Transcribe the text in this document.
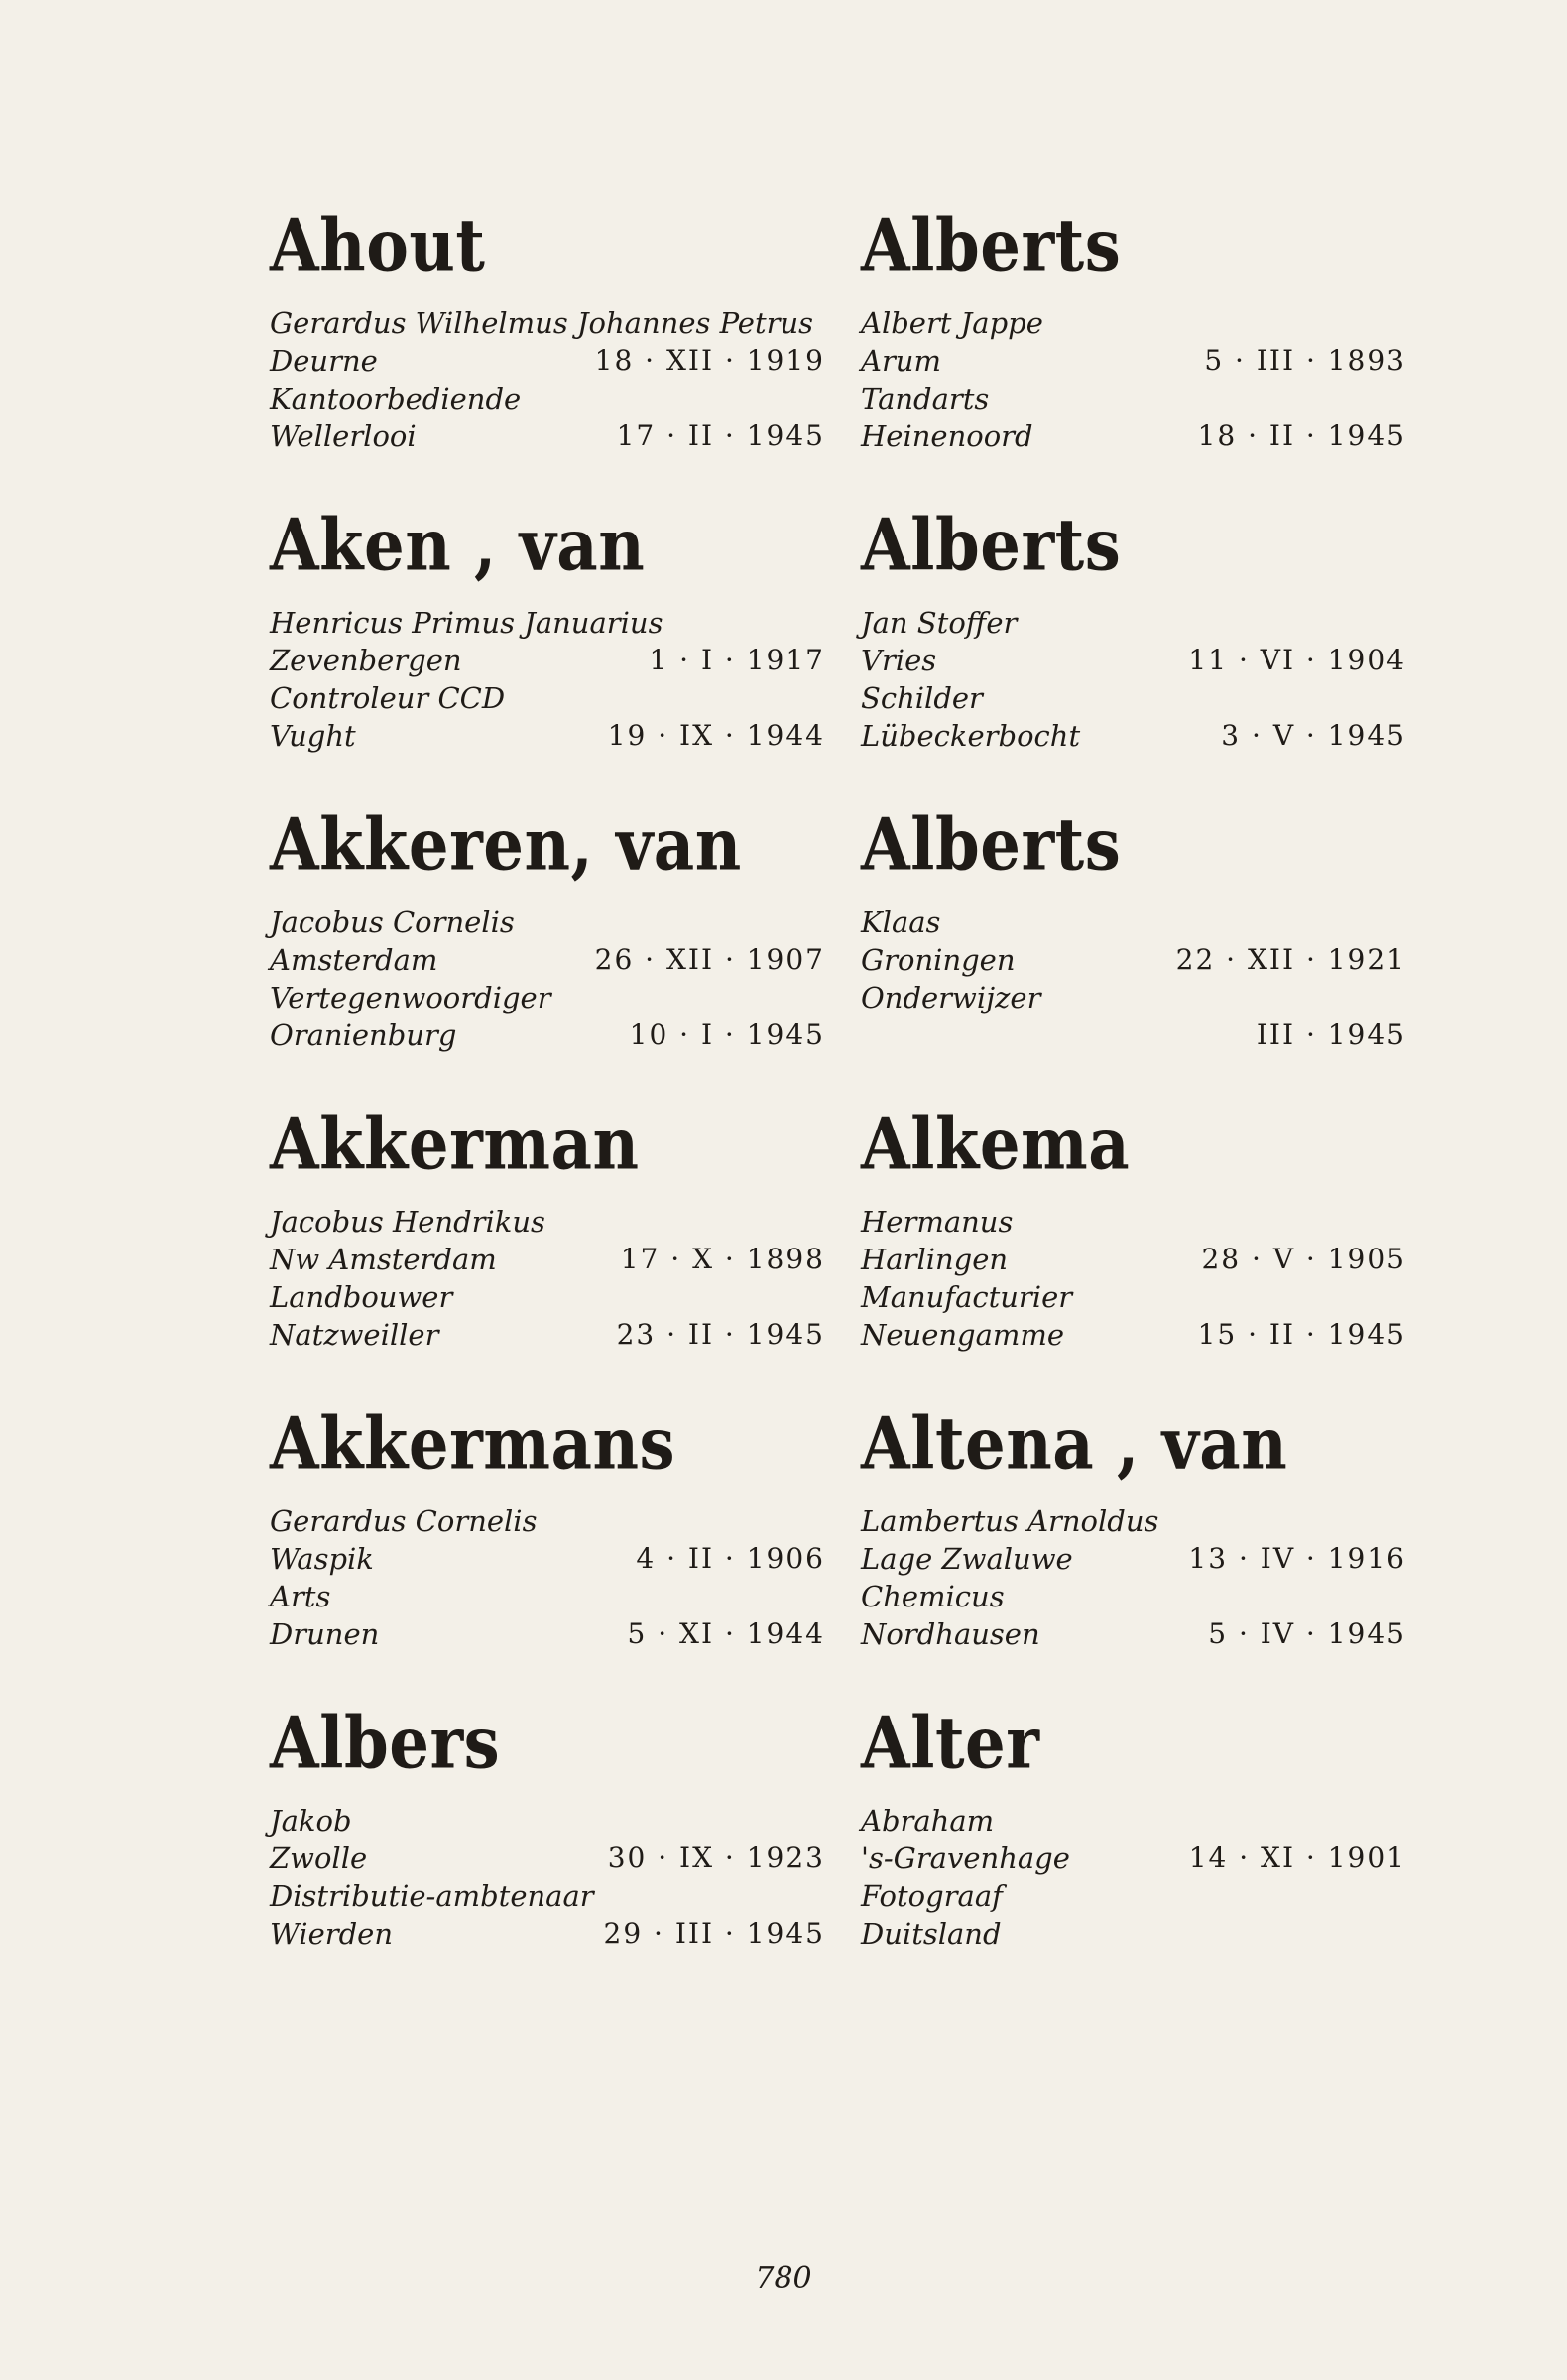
Ahout
Gerardus Wilhelmus Johannes Petrus
Deurne	18 · XII · 1919
Kantoorbediende
Wellerlooi	17 · II · 1945
Aken , van
Henricus Primus Januarius
Zevenbergen	1 · I · 1917
Controleur CCD
Vught	19 · IX · 1944
Akkeren, van
Jacobus Cornelis
Amsterdam	26 · XII · 1907
Vertegenwoordiger
Oranienburg	10 · I · 1945
Akkerman
Jacobus Hendrikus
Nw Amsterdam	17 · X · 1898
Landbouwer
Natzweiller	23 · II · 1945
Akkermans
Gerardus Cornelis
Waspik	4 · II · 1906
Arts
Drunen	5 · XI · 1944
Albers
Jakob
Zwolle	30 · IX · 1923
Distributie-ambtenaar
Wierden	29 · III · 1945
Alberts
Albert Jappe
Arum	5 · III · 1893
Tandarts
Heinenoord	18 · II · 1945
Alberts
Jan Stoffer
Vries	11 · VI · 1904
Schilder
Lübeckerbocht	3 · V · 1945
Alberts
Klaas
Groningen	22 · XII · 1921
Onderwijzer
III · 1945
Alkema
Hermanus
Harlingen	28 · V · 1905
Manufacturier
Neuengamme	15 · II · 1945
Altena , van
Lambertus Arnoldus
Lage Zwaluwe	13 · IV · 1916
Chemicus
Nordhausen	5 · IV · 1945
Alter
Abraham
's-Gravenhage	14 · XI · 1901
Fotograaf
Duitsland
780
